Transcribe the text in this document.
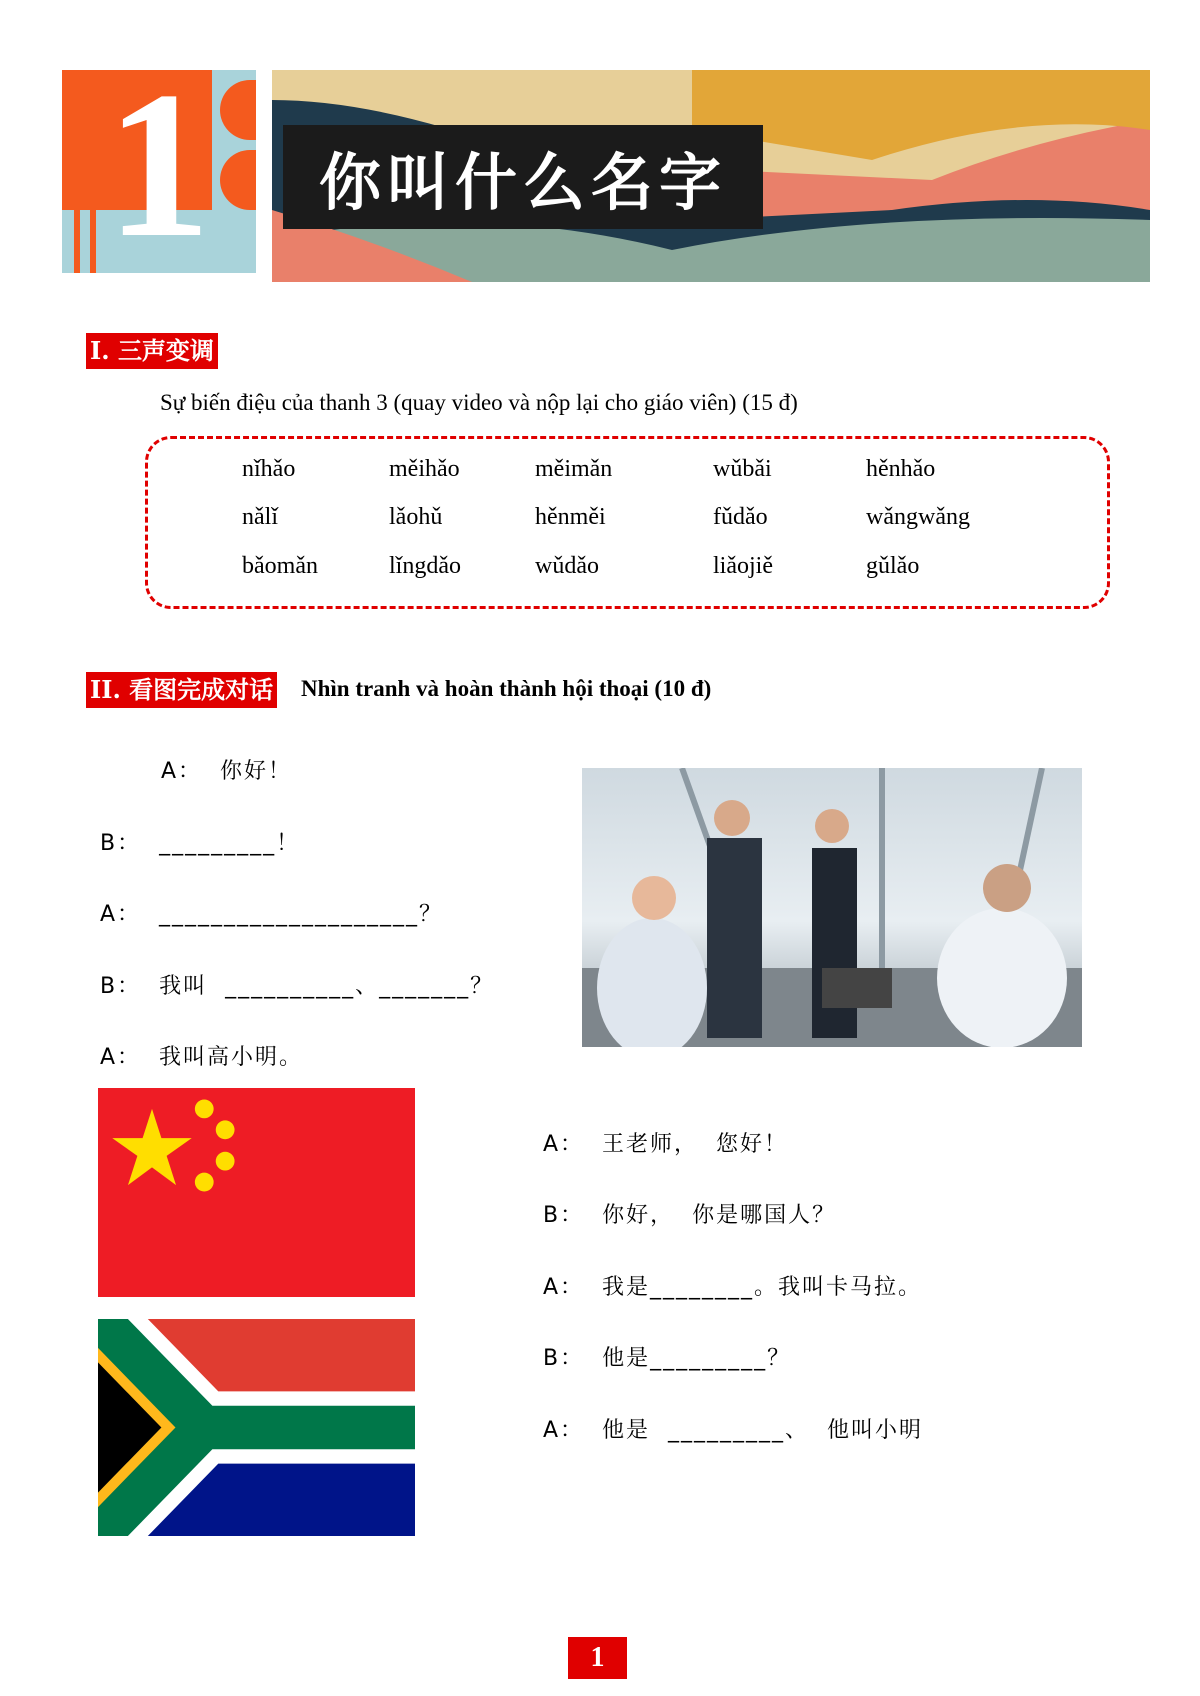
1	你叫什么名字
I. 三声变调
Sự biến điệu của thanh 3 (quay video và nộp lại cho giáo viên) (15 đ)
nǐhǎo	měihǎo	měimǎn	wǔbǎi	hěnhǎo
nǎlǐ	lǎohǔ	hěnměi	fǔdǎo	wǎngwǎng
bǎomǎn	lǐngdǎo	wǔdǎo	liǎojiě	gǔlǎo
II. 看图完成对话 Nhìn tranh và hoàn thành hội thoại (10 đ)
A：  你好！
B：  _________！
A：  ____________________？
B：  我叫  __________、_______？
A：  我叫高小明。
A：  王老师，  您好！
B：  你好，  你是哪国人？
A：  我是________。我叫卡马拉。
B：  他是_________？
A：  他是  _________、  他叫小明
1
